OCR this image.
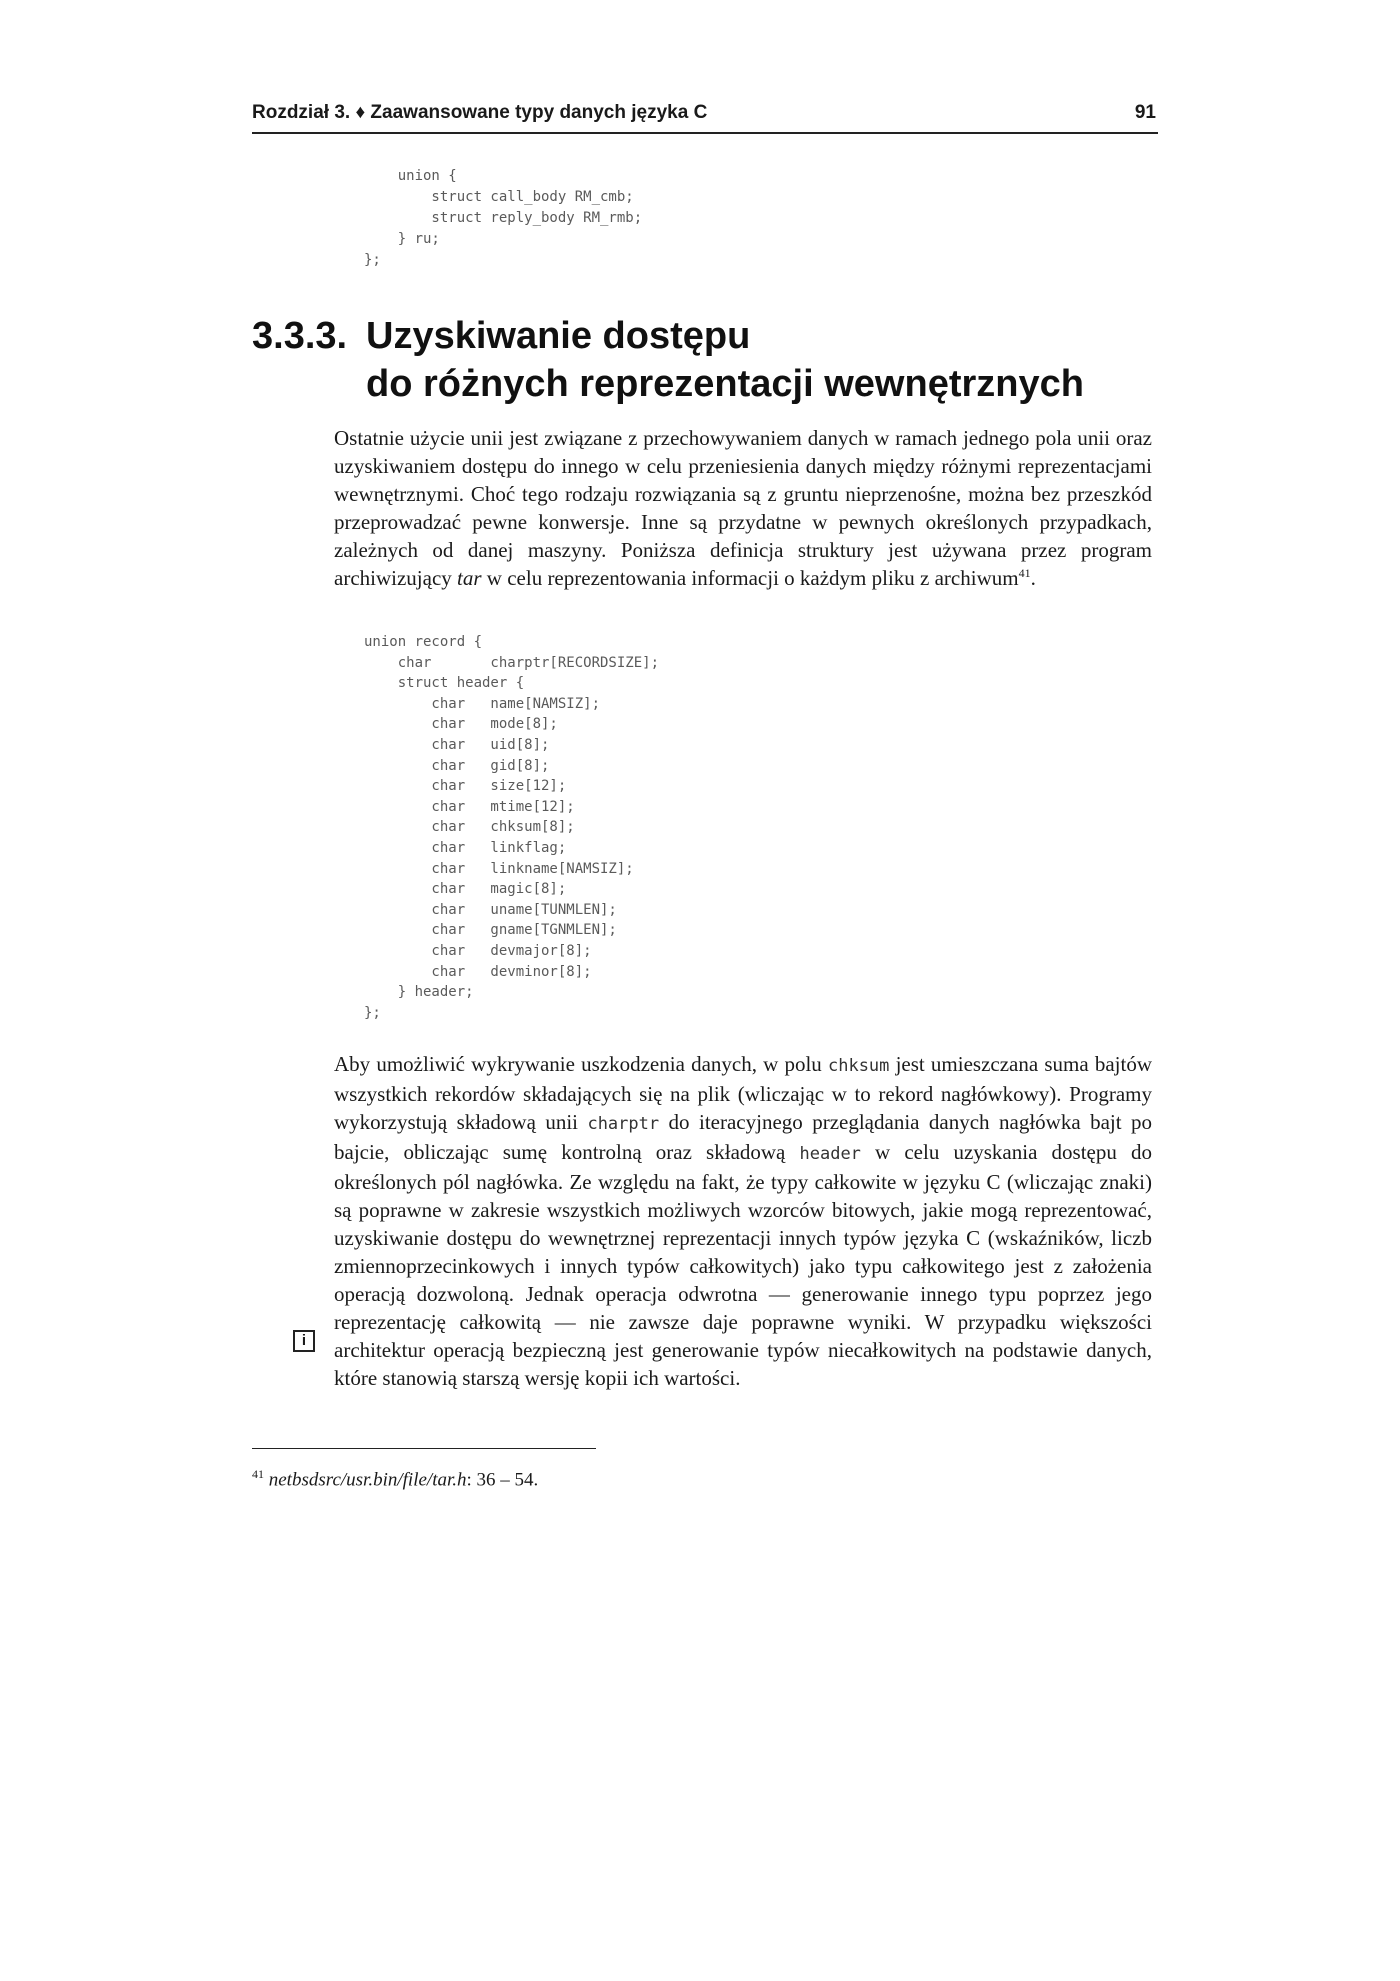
Rozdział 3. ♦ Zaawansowane typy danych języka C	91
union {
struct call_body RM_cmb;
struct reply_body RM_rmb;
} ru;
};
3.3.3. Uzyskiwanie dostępu
do różnych reprezentacji wewnętrznych

Ostatnie użycie unii jest związane z przechowywaniem danych w ramach jednego pola unii oraz uzyskiwaniem dostępu do innego w celu przeniesienia danych między różnymi reprezentacjami wewnętrznymi. Choć tego rodzaju rozwiązania są z gruntu nieprzenośne, można bez przeszkód przeprowadzać pewne konwersje. Inne są przydatne w pewnych określonych przypadkach, zależnych od danej maszyny. Poniższa definicja struktury jest używana przez program archiwizujący tar w celu reprezentowania informacji o każdym pliku z archiwum$^{41}$.

union record {
char       charptr[RECORDSIZE];
struct header {
char   name[NAMSIZ];
char   mode[8];
char   uid[8];
char   gid[8];
char   size[12];
char   mtime[12];
char   chksum[8];
char   linkflag;
char   linkname[NAMSIZ];
char   magic[8];
char   uname[TUNMLEN];
char   gname[TGNMLEN];
char   devmajor[8];
char   devminor[8];
} header;
};

Aby umożliwić wykrywanie uszkodzenia danych, w polu chksum jest umieszczana suma bajtów wszystkich rekordów składających się na plik (wliczając w to rekord nagłówkowy). Programy wykorzystują składową unii charptr do iteracyjnego przeglądania danych nagłówka bajt po bajcie, obliczając sumę kontrolną oraz składową header w celu uzyskania dostępu do określonych pól nagłówka. Ze względu na fakt, że typy całkowite w języku C (wliczając znaki) są poprawne w zakresie wszystkich możliwych wzorców bitowych, jakie mogą reprezentować, uzyskiwanie dostępu do wewnętrznej reprezentacji innych typów języka C (wskaźników, liczb zmiennoprzecinkowych i innych typów całkowitych) jako typu całkowitego jest z założenia operacją dozwoloną. Jednak operacja odwrotna — generowanie innego typu poprzez jego reprezentację całkowitą — nie zawsze daje poprawne wyniki. W przypadku większości architektur operacją bezpieczną jest generowanie typów niecałkowitych na podstawie danych, które stanowią starszą wersję kopii ich wartości.

i
$^{41}$ netbsdsrc/usr.bin/file/tar.h: 36 – 54.
